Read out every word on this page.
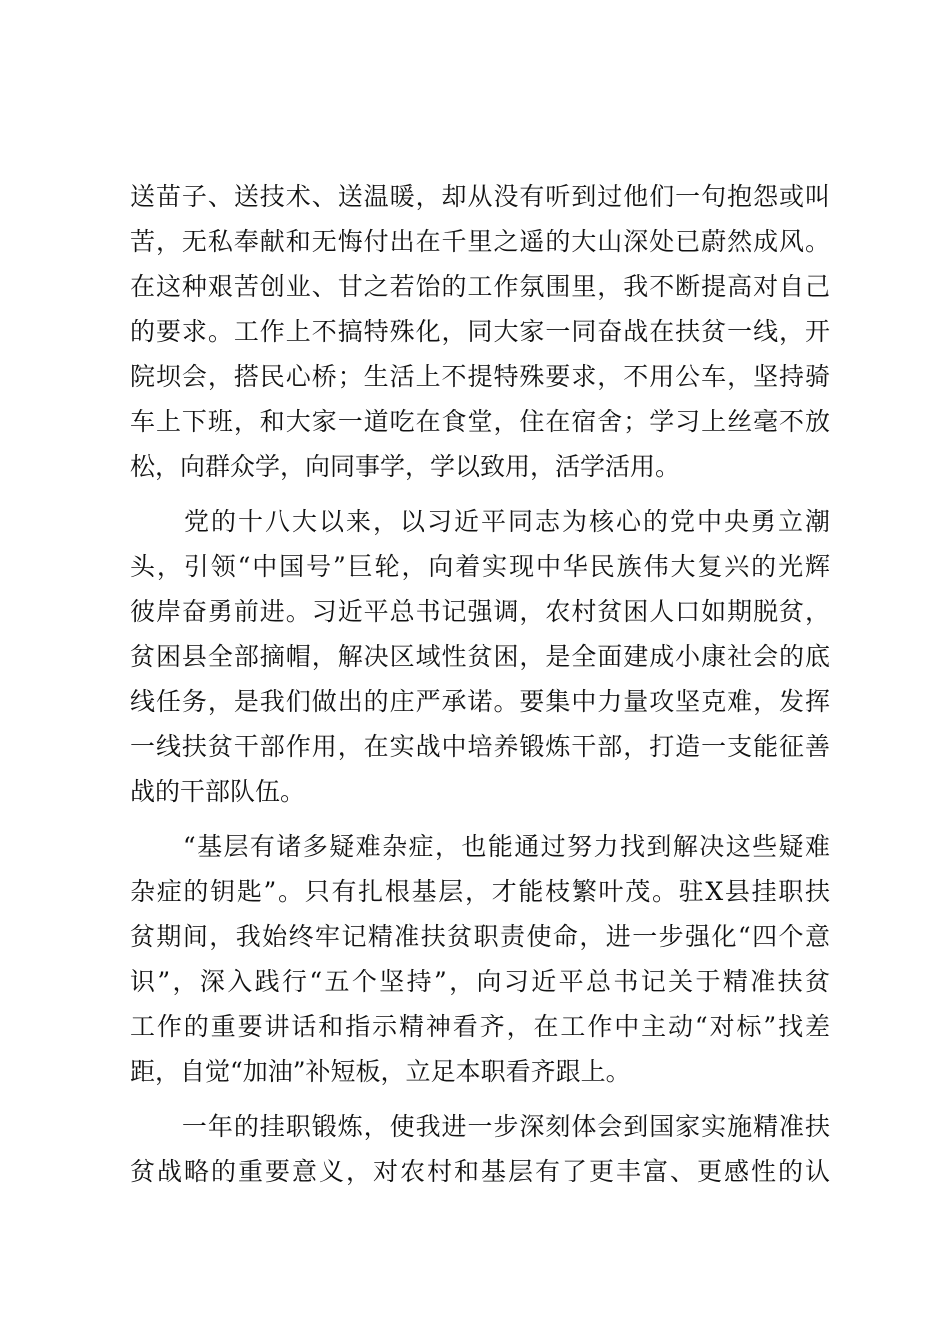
送苗子、送技术、送温暖，却从没有听到过他们一句抱怨或叫
苦，无私奉献和无悔付出在千里之遥的大山深处已蔚然成风。
在这种艰苦创业、甘之若饴的工作氛围里，我不断提高对自己
的要求。工作上不搞特殊化，同大家一同奋战在扶贫一线，开
院坝会，搭民心桥；生活上不提特殊要求，不用公车，坚持骑
车上下班，和大家一道吃在食堂，住在宿舍；学习上丝毫不放
松，向群众学，向同事学，学以致用，活学活用。
　　党的十八大以来，以习近平同志为核心的党中央勇立潮
头，引领“中国号”巨轮，向着实现中华民族伟大复兴的光辉
彼岸奋勇前进。习近平总书记强调，农村贫困人口如期脱贫，
贫困县全部摘帽，解决区域性贫困，是全面建成小康社会的底
线任务，是我们做出的庄严承诺。要集中力量攻坚克难，发挥
一线扶贫干部作用，在实战中培养锻炼干部，打造一支能征善
战的干部队伍。
　　“基层有诸多疑难杂症，也能通过努力找到解决这些疑难
杂症的钥匙”。只有扎根基层，才能枝繁叶茂。驻X县挂职扶
贫期间，我始终牢记精准扶贫职责使命，进一步强化“四个意
识”，深入践行“五个坚持”，向习近平总书记关于精准扶贫
工作的重要讲话和指示精神看齐，在工作中主动“对标”找差
距，自觉“加油”补短板，立足本职看齐跟上。
　　一年的挂职锻炼，使我进一步深刻体会到国家实施精准扶
贫战略的重要意义，对农村和基层有了更丰富、更感性的认
